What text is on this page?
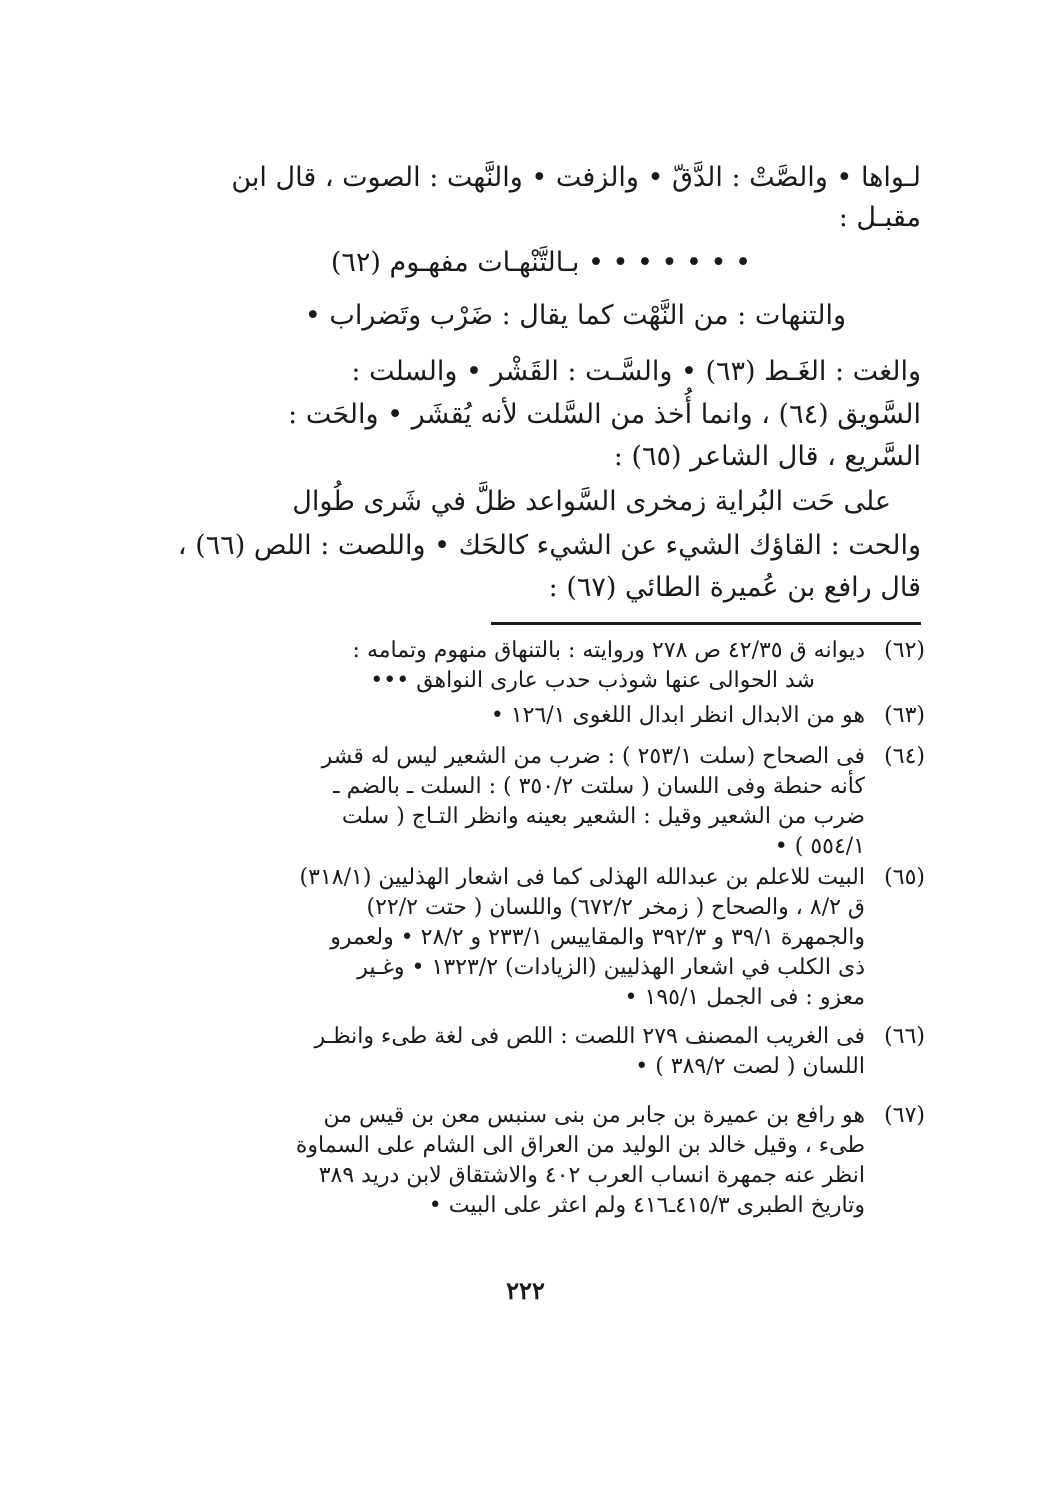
لـواها • والصَّتْ : الدَّقّ • والزفت • والنَّهت : الصوت ، قال ابن
مقبـل :
• • • • • • • بـالتَّنْهـات مفهـوم (٦٢)
والتنهات : من النَّهْت كما يقال : ضَرْب وتَضراب •
والغت : الغَـط (٦٣) • والسَّـت : القَشْر • والسلت :
السَّويق (٦٤) ، وانما أُخذ من السَّلت لأنه يُقشَر • والحَت :
السَّريع ، قال الشاعر (٦٥) :
على حَت البُراية زمخرى السَّواعد ظلَّ في شَرى طُوال
والحت : القاؤك الشيء عن الشيء كالحَك • واللصت : اللص (٦٦) ،
قال رافع بن عُميرة الطائي (٦٧) :
(٦٢)
ديوانه ق ٤٢/٣٥ ص ٢٧٨ وروايته : بالتنهاق منهوم وتمامه :
شد الحوالى عنها شوذب حدب عارى النواهق •••
(٦٣)
هو من الابدال انظر ابدال اللغوى ١٢٦/١ •
(٦٤)
فى الصحاح (سلت ٢٥٣/١ ) : ضرب من الشعير ليس له قشر
كأنه حنطة وفى اللسان ( سلتت ٣٥٠/٢ ) : السلت ـ بالضم ـ
ضرب من الشعير وقيل : الشعير بعينه وانظر التـاج ( سلت
٥٥٤/١ ) •
(٦٥)
البيت للاعلم بن عبدالله الهذلى كما فى اشعار الهذليين (٣١٨/١)
ق ٨/٢ ، والصحاح ( زمخر ٦٧٢/٢) واللسان ( حتت ٢٢/٢)
والجمهرة ٣٩/١ و ٣٩٢/٣ والمقاييس ٢٣٣/١ و ٢٨/٢ • ولعمرو
ذى الكلب في اشعار الهذليين (الزيادات) ١٣٢٣/٢ • وغـير
معزو : فى الجمل ١٩٥/١ •
(٦٦)
فى الغريب المصنف ٢٧٩ اللصت : اللص فى لغة طىء وانظـر
اللسان ( لصت ٣٨٩/٢ ) •
(٦٧)
هو رافع بن عميرة بن جابر من بنى سنبس معن بن قيس من
طىء ، وقيل خالد بن الوليد من العراق الى الشام على السماوة
انظر عنه جمهرة انساب العرب ٤٠٢ والاشتقاق لابن دريد ٣٨٩
وتاريخ الطبرى ٤١٥/٣ـ٤١٦ ولم اعثر على البيت •
٢٢٢
